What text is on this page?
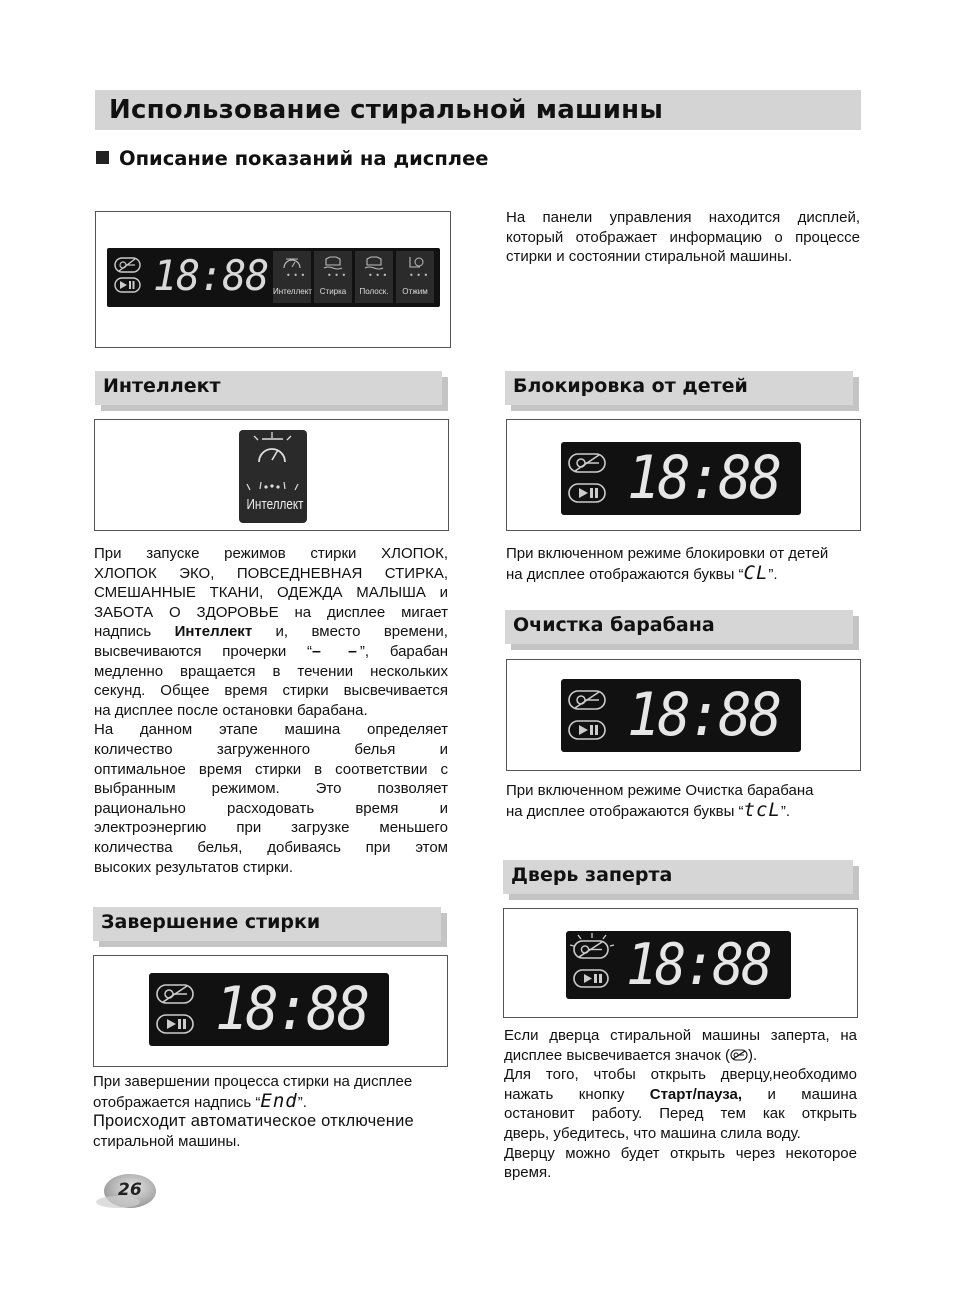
Использование стиральной машины
Описание показаний на дисплее
18:88 • • •
Интеллект
• • •
Стирка
• • •
Полоск.
• • •
Отжим
На панели управления находится дисплей, который отображает информацию о процессе стирки и состоянии стиральной машины.
Интеллект
Интеллект
При запуске режимов стирки ХЛОПОК,
ХЛОПОК ЭКО, ПОВСЕДНЕВНАЯ СТИРКА,
СМЕШАННЫЕ ТКАНИ, ОДЕЖДА МАЛЫША и
ЗАБОТА О ЗДОРОВЬЕ на дисплее мигает
надпись Интеллект и, вместо времени,
высвечиваются прочерки “– –”, барабан
медленно вращается в течении нескольких
секунд. Общее время стирки высвечивается
на дисплее после остановки барабана.
На данном этапе машина определяет
количество загруженного белья и
оптимальное время стирки в соответствии с
выбранным режимом. Это позволяет
рационально расходовать время и
электроэнергию при загрузке меньшего
количества белья, добиваясь при этом
высоких результатов стирки.
Завершение стирки
18:88
При завершении процесса стирки на дисплее
отображается надпись “End”.
Происходит автоматическое отключение
стиральной машины.
Блокировка от детей
18:88
При включенном режиме блокировки от детей
на дисплее отображаются буквы “CL”.
Очистка барабана
18:88
При включенном режиме Очистка барабана
на дисплее отображаются буквы “tcL”.
Дверь заперта
18:88
Если дверца стиральной машины заперта, на
дисплее высвечивается значок ( ).
Для того, чтобы открыть дверцу,необходимо
нажать кнопку Старт/пауза, и машина
остановит работу. Перед тем как открыть
дверь, убедитесь, что машина слила воду.
Дверцу можно будет открыть через некоторое
время.
26
